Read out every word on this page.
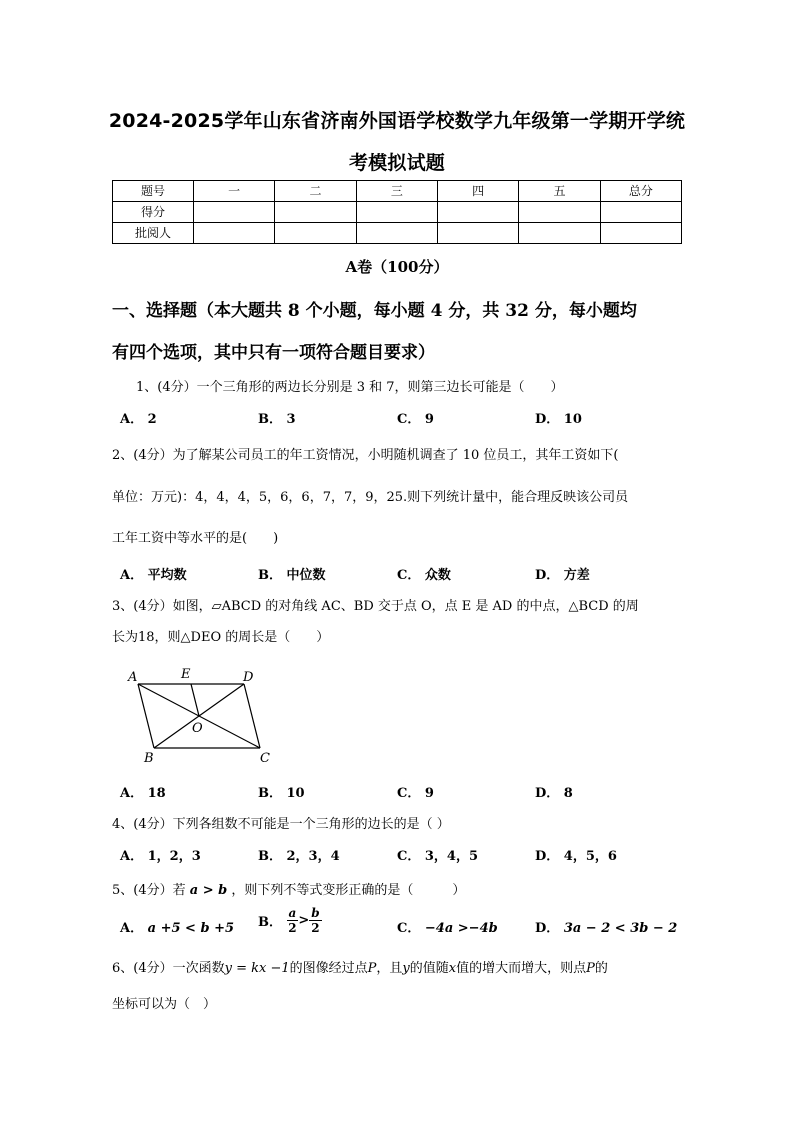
2024-2025学年山东省济南外国语学校数学九年级第一学期开学统
考模拟试题
题号	一	二	三	四	五	总分
得分						
批阅人						
A卷（100分）
一、选择题（本大题共 8 个小题，每小题 4 分，共 32 分，每小题均
有四个选项，其中只有一项符合题目要求）
1、(4分）一个三角形的两边长分别是 3 和 7，则第三边长可能是（　　）
A． 2	B． 3	C． 9	D． 10
2、(4分）为了解某公司员工的年工资情况，小明随机调查了 10 位员工，其年工资如下(
单位：万元)：4，4，4，5，6，6，7，7，9，25.则下列统计量中，能合理反映该公司员
工年工资中等水平的是(　　)
A． 平均数	B． 中位数	C． 众数	D． 方差
3、(4分）如图，▱ABCD 的对角线 AC、BD 交于点 O，点 E 是 AD 的中点，△BCD 的周
长为18，则△DEO 的周长是（　　）
A
B	C
D
E
O
A． 18	B． 10	C． 9	D． 8
4、(4分）下列各组数不可能是一个三角形的边长的是（ ）
A． 1，2，3	B． 2，3，4	C． 3，4，5	D． 4，5，6
5、(4分）若 a > b ，则下列不等式变形正确的是（　　　）
A． a +5 < b +5 B． $\frac{a}{2} > \frac{b}{2}$	C． −4a >−4b	D． 3a − 2 < 3b − 2
6、(4分）一次函数y = kx −1的图像经过点P，且y的值随x值的增大而增大，则点P的
坐标可以为（　）
